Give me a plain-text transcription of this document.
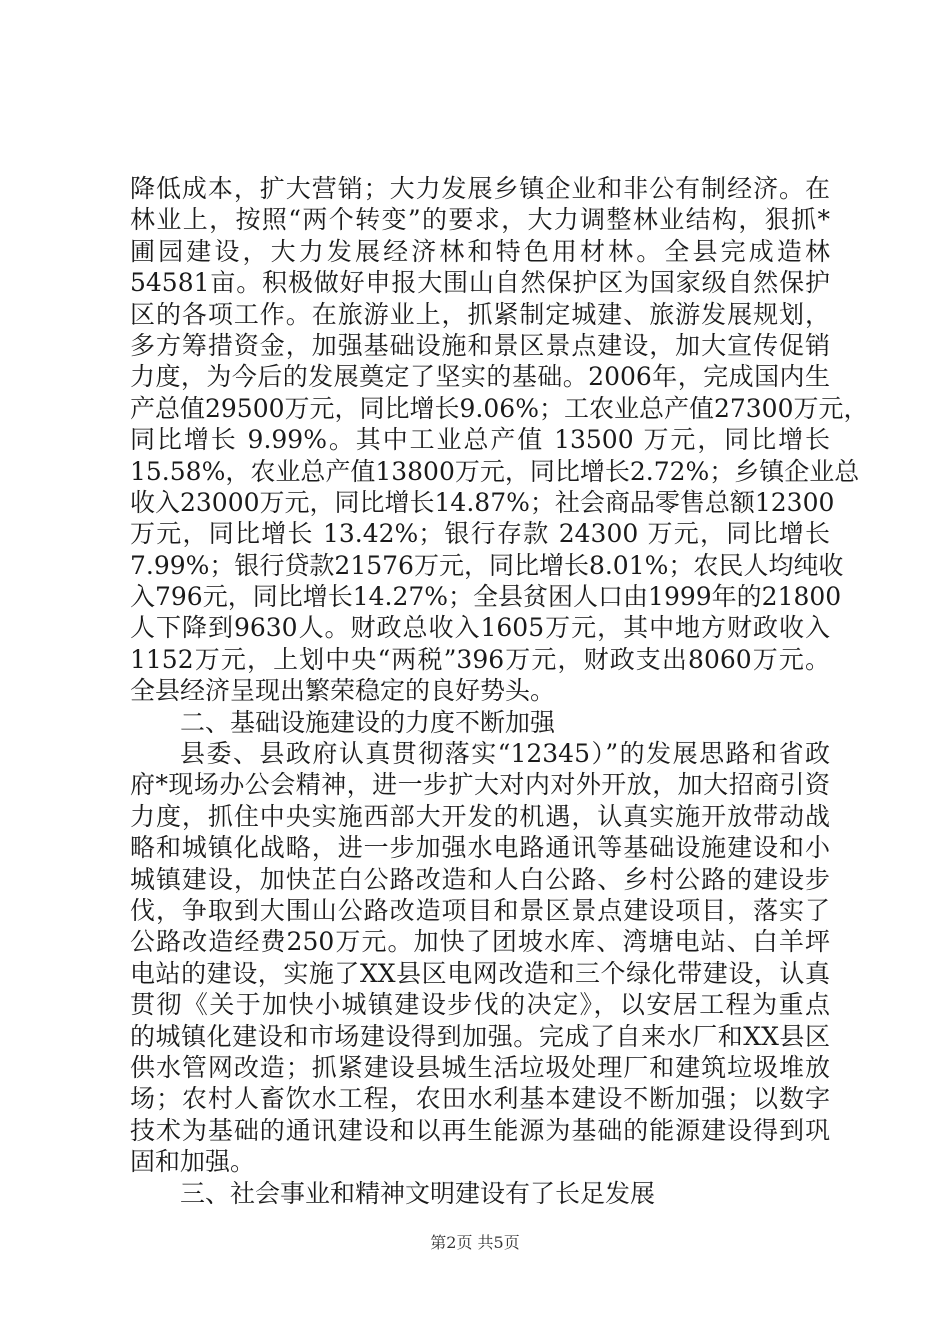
降低成本，扩大营销；大力发展乡镇企业和非公有制经济。在
林业上，按照“两个转变”的要求，大力调整林业结构，狠抓*
圃园建设，大力发展经济林和特色用材林。全县完成造林
54581亩。积极做好申报大围山自然保护区为国家级自然保护
区的各项工作。在旅游业上，抓紧制定城建、旅游发展规划，
多方筹措资金，加强基础设施和景区景点建设，加大宣传促销
力度，为今后的发展奠定了坚实的基础。2006年，完成国内生
产总值29500万元，同比增长9.06%；工农业总产值27300万元，
同比增长 9.99%。其中工业总产值 13500 万元，同比增长
15.58%，农业总产值13800万元，同比增长2.72%；乡镇企业总
收入23000万元，同比增长14.87%；社会商品零售总额12300
万元，同比增长 13.42%；银行存款 24300 万元，同比增长
7.99%；银行贷款21576万元，同比增长8.01%；农民人均纯收
入796元，同比增长14.27%；全县贫困人口由1999年的21800
人下降到9630人。财政总收入1605万元，其中地方财政收入
1152万元，上划中央“两税”396万元，财政支出8060万元。
全县经济呈现出繁荣稳定的良好势头。
二、基础设施建设的力度不断加强
县委、县政府认真贯彻落实“12345）”的发展思路和省政
府*现场办公会精神，进一步扩大对内对外开放，加大招商引资
力度，抓住中央实施西部大开发的机遇，认真实施开放带动战
略和城镇化战略，进一步加强水电路通讯等基础设施建设和小
城镇建设，加快芷白公路改造和人白公路、乡村公路的建设步
伐，争取到大围山公路改造项目和景区景点建设项目，落实了
公路改造经费250万元。加快了团坡水库、湾塘电站、白羊坪
电站的建设，实施了XX县区电网改造和三个绿化带建设，认真
贯彻《关于加快小城镇建设步伐的决定》，以安居工程为重点
的城镇化建设和市场建设得到加强。完成了自来水厂和XX县区
供水管网改造；抓紧建设县城生活垃圾处理厂和建筑垃圾堆放
场；农村人畜饮水工程，农田水利基本建设不断加强；以数字
技术为基础的通讯建设和以再生能源为基础的能源建设得到巩
固和加强。
三、社会事业和精神文明建设有了长足发展
第2页 共5页
